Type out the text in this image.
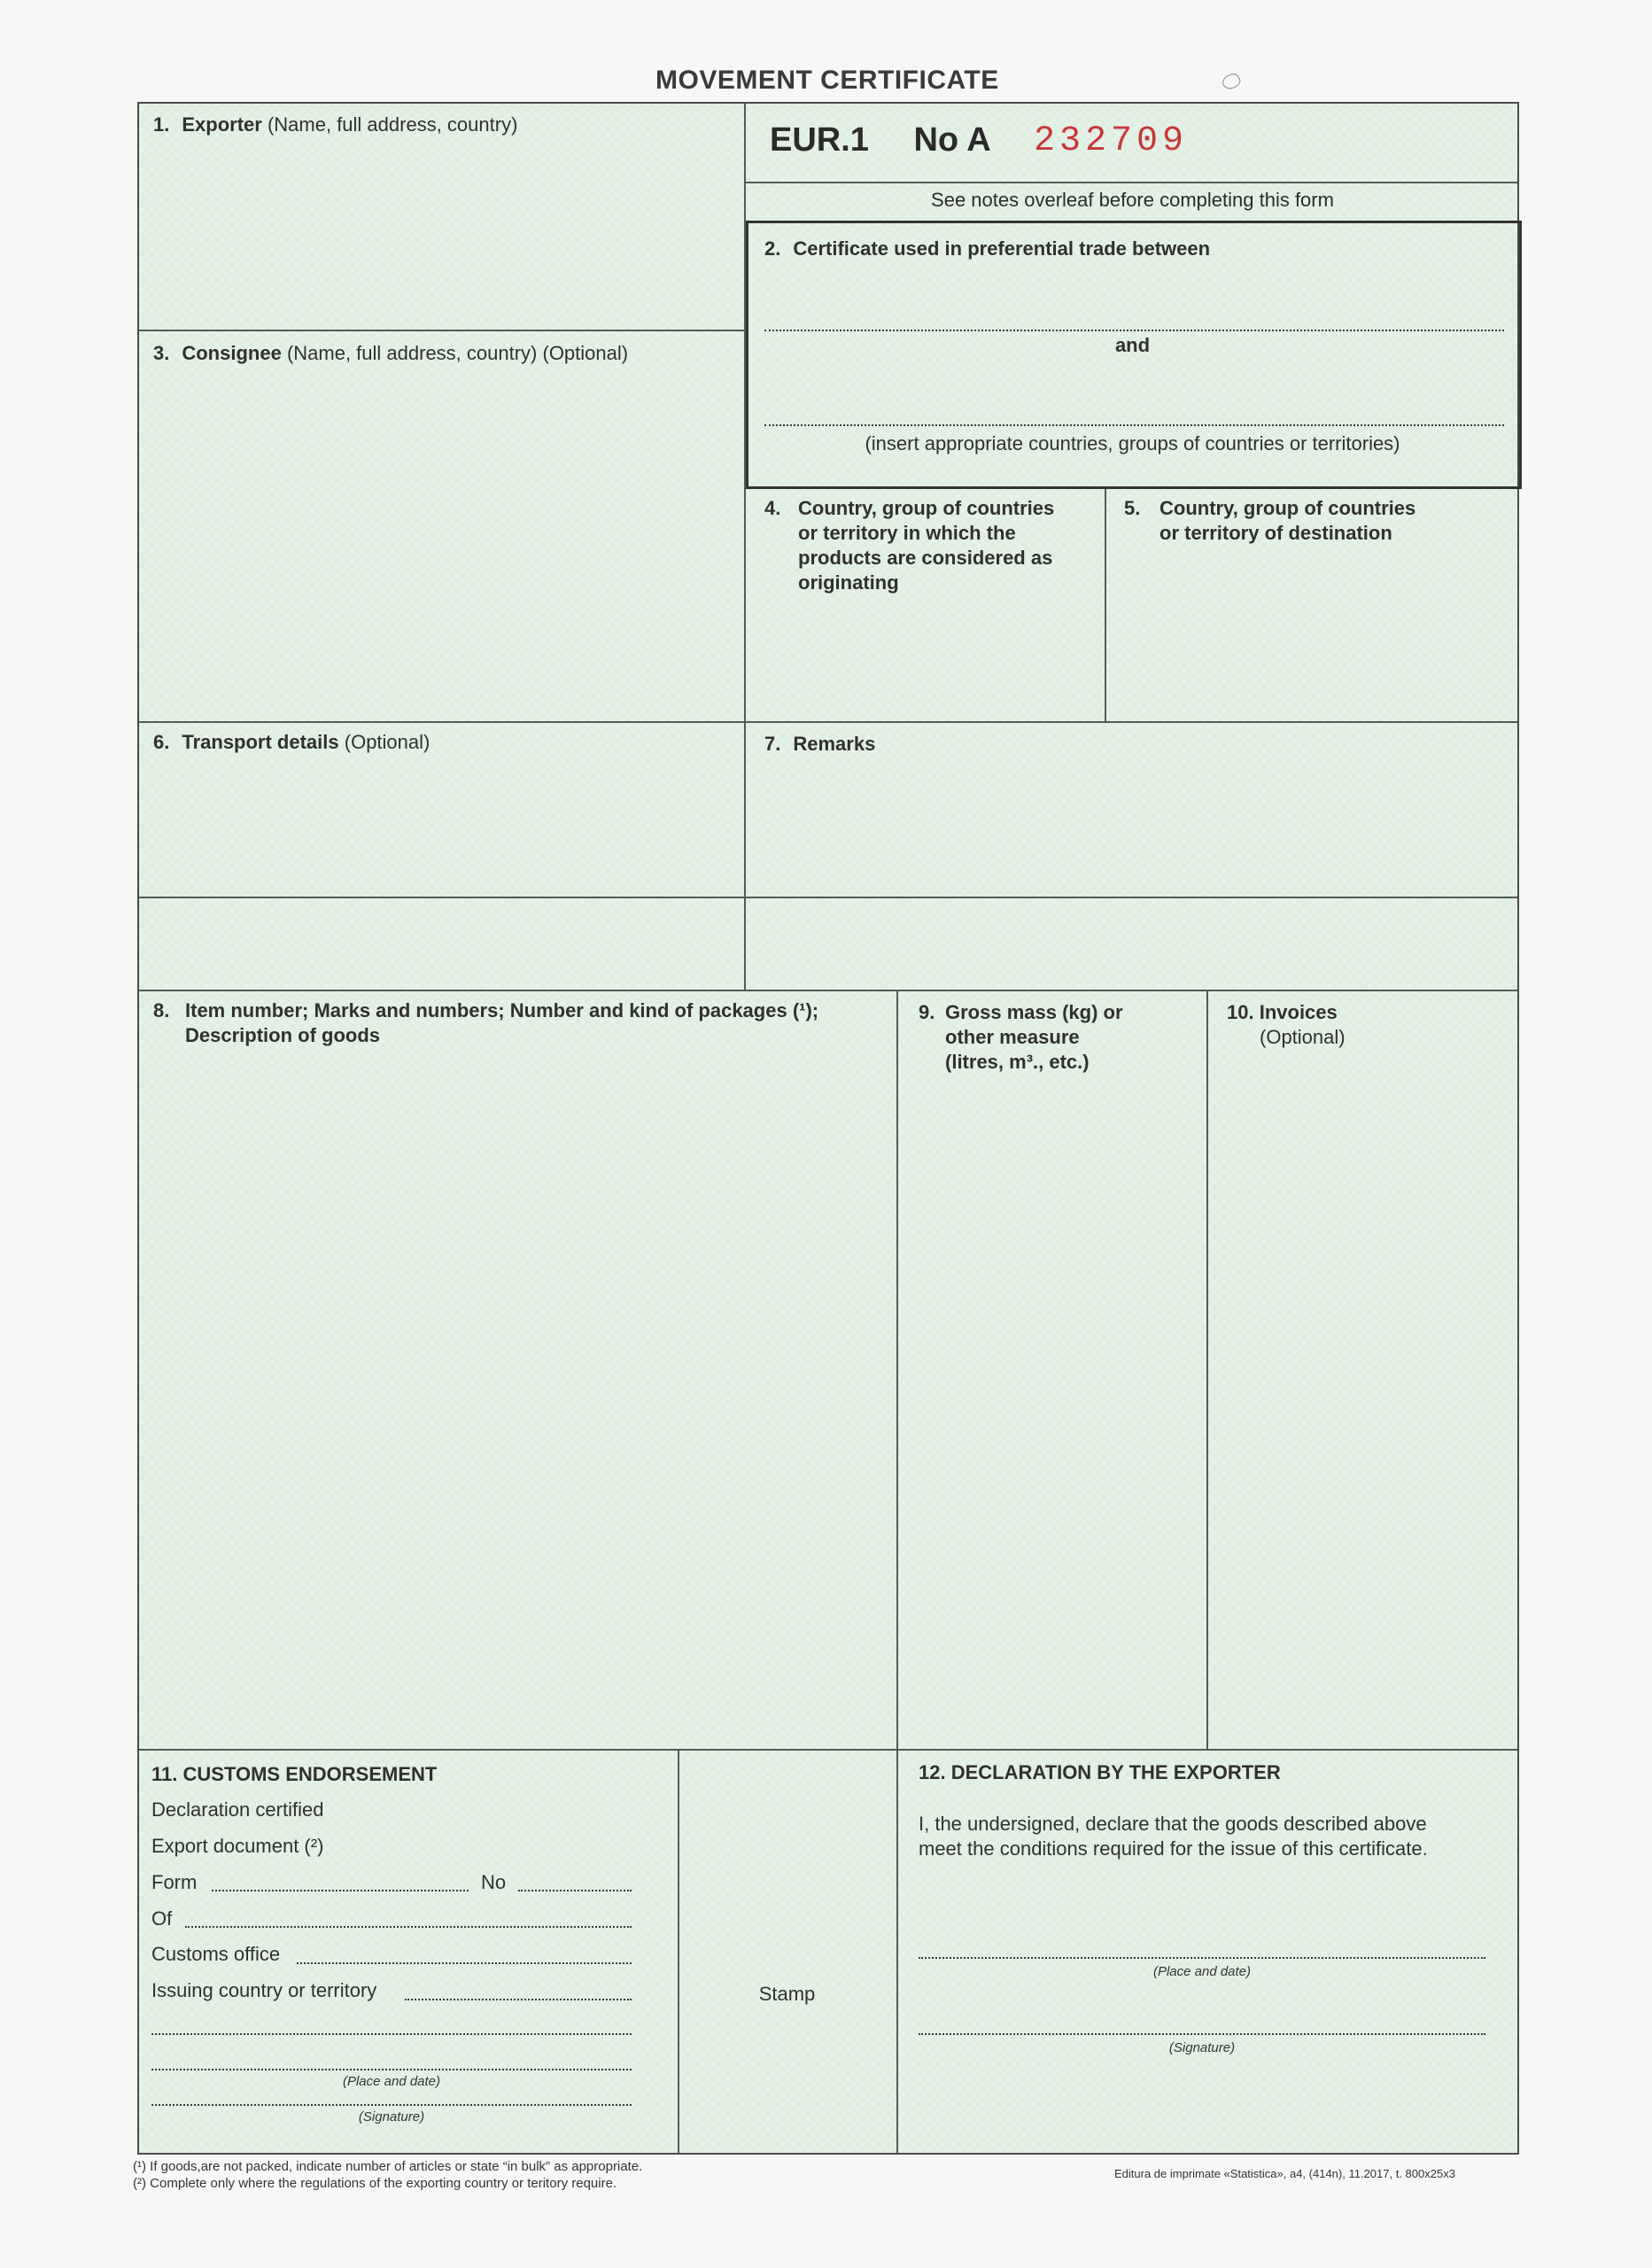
MOVEMENT CERTIFICATE
EUR.1 No A 232709
See notes overleaf before completing this form
1. Exporter (Name, full address, country)
2. Certificate used in preferential trade between
and
(insert appropriate countries, groups of countries or territories)
3. Consignee (Name, full address, country) (Optional)
4. Country, group of countries
or territory in which the
products are considered as
originating
5. Country, group of countries
or territory of destination
6. Transport details (Optional)	7. Remarks
8. Item number; Marks and numbers; Number and kind of packages (¹);
Description of goods
9. Gross mass (kg) or
other measure
(litres, m³., etc.)
10. Invoices
(Optional)
11. CUSTOMS ENDORSEMENT
Declaration certified
Export document (²)
Form	No
Of
Customs office
Issuing country or territory
(Place and date)
(Signature)
Stamp
12. DECLARATION BY THE EXPORTER
I, the undersigned, declare that the goods described above
meet the conditions required for the issue of this certificate.
(Place and date)
(Signature)
(¹) If goods,are not packed, indicate number of articles or state “in bulk” as appropriate.
(²) Complete only where the regulations of the exporting country or teritory require.
Editura de imprimate «Statistica», a4, (414n), 11.2017, t. 800x25x3
